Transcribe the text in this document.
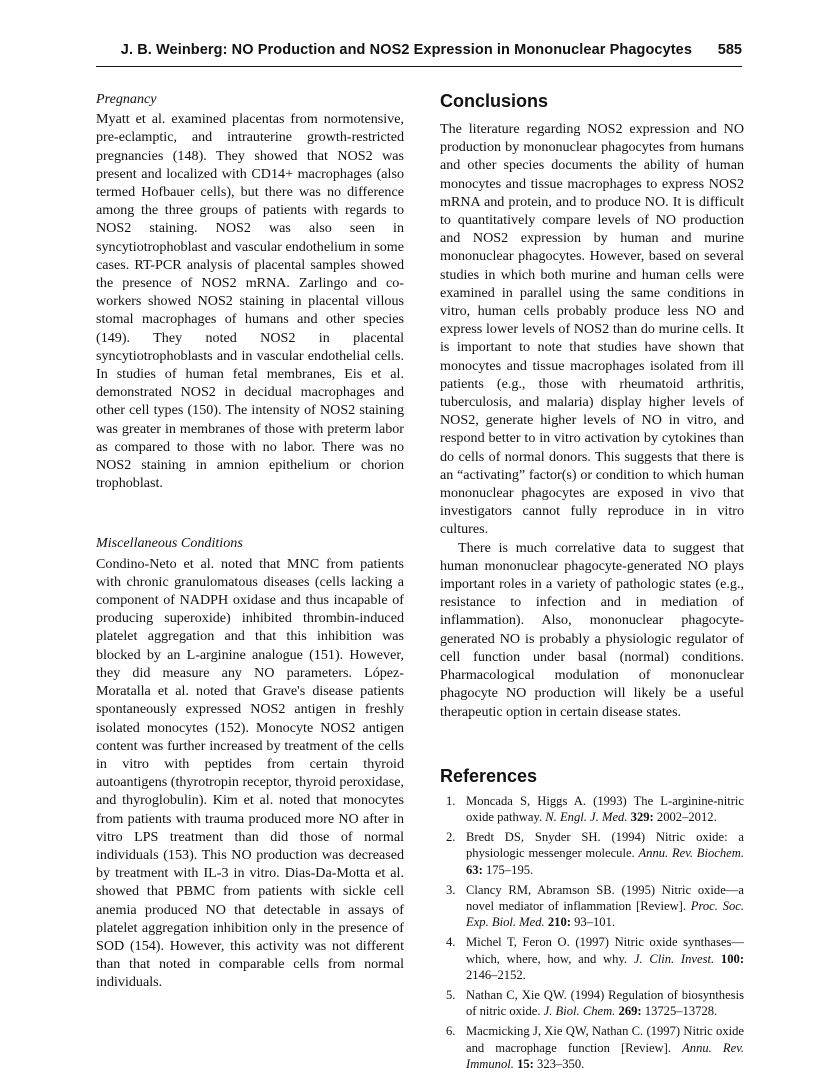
J. B. Weinberg: NO Production and NOS2 Expression in Mononuclear Phagocytes 585

Pregnancy

Myatt et al. examined placentas from normotensive, pre-eclamptic, and intrauterine growth-restricted pregnancies (148). They showed that NOS2 was present and localized with CD14+ macrophages (also termed Hofbauer cells), but there was no difference among the three groups of patients with regards to NOS2 staining. NOS2 was also seen in syncytiotrophoblast and vascular endothelium in some cases. RT-PCR analysis of placental samples showed the presence of NOS2 mRNA. Zarlingo and co-workers showed NOS2 staining in placental villous stomal macrophages of humans and other species (149). They noted NOS2 in placental syncytiotrophoblasts and in vascular endothelial cells. In studies of human fetal membranes, Eis et al. demonstrated NOS2 in decidual macrophages and other cell types (150). The intensity of NOS2 staining was greater in membranes of those with preterm labor as compared to those with no labor. There was no NOS2 staining in amnion epithelium or chorion trophoblast.

Miscellaneous Conditions

Condino-Neto et al. noted that MNC from patients with chronic granulomatous diseases (cells lacking a component of NADPH oxidase and thus incapable of producing superoxide) inhibited thrombin-induced platelet aggregation and that this inhibition was blocked by an L-arginine analogue (151). However, they did measure any NO parameters. López-Moratalla et al. noted that Grave's disease patients spontaneously expressed NOS2 antigen in freshly isolated monocytes (152). Monocyte NOS2 antigen content was further increased by treatment of the cells in vitro with peptides from certain thyroid autoantigens (thyrotropin receptor, thyroid peroxidase, and thyroglobulin). Kim et al. noted that monocytes from patients with trauma produced more NO after in vitro LPS treatment than did those of normal individuals (153). This NO production was decreased by treatment with IL-3 in vitro. Dias-Da-Motta et al. showed that PBMC from patients with sickle cell anemia produced NO that detectable in assays of platelet aggregation inhibition only in the presence of SOD (154). However, this activity was not different than that noted in comparable cells from normal individuals.

Conclusions

The literature regarding NOS2 expression and NO production by mononuclear phagocytes from humans and other species documents the ability of human monocytes and tissue macrophages to express NOS2 mRNA and protein, and to produce NO. It is difficult to quantitatively compare levels of NO production and NOS2 expression by human and murine mononuclear phagocytes. However, based on several studies in which both murine and human cells were examined in parallel using the same conditions in vitro, human cells probably produce less NO and express lower levels of NOS2 than do murine cells. It is important to note that studies have shown that monocytes and tissue macrophages isolated from ill patients (e.g., those with rheumatoid arthritis, tuberculosis, and malaria) display higher levels of NOS2, generate higher levels of NO in vitro, and respond better to in vitro activation by cytokines than do cells of normal donors. This suggests that there is an “activating” factor(s) or condition to which human mononuclear phagocytes are exposed in vivo that investigators cannot fully reproduce in in vitro cultures.

There is much correlative data to suggest that human mononuclear phagocyte-generated NO plays important roles in a variety of pathologic states (e.g., resistance to infection and in mediation of inflammation). Also, mononuclear phagocyte-generated NO is probably a physiologic regulator of cell function under basal (normal) conditions. Pharmacological modulation of mononuclear phagocyte NO production will likely be a useful therapeutic option in certain disease states.

References
1. Moncada S, Higgs A. (1993) The L-arginine-nitric oxide pathway. N. Engl. J. Med. 329: 2002–2012.
2. Bredt DS, Snyder SH. (1994) Nitric oxide: a physiologic messenger molecule. Annu. Rev. Biochem. 63: 175–195.
3. Clancy RM, Abramson SB. (1995) Nitric oxide—a novel mediator of inflammation [Review]. Proc. Soc. Exp. Biol. Med. 210: 93–101.
4. Michel T, Feron O. (1997) Nitric oxide synthases—which, where, how, and why. J. Clin. Invest. 100: 2146–2152.
5. Nathan C, Xie QW. (1994) Regulation of biosynthesis of nitric oxide. J. Biol. Chem. 269: 13725–13728.
6. Macmicking J, Xie QW, Nathan C. (1997) Nitric oxide and macrophage function [Review]. Annu. Rev. Immunol. 15: 323–350.
